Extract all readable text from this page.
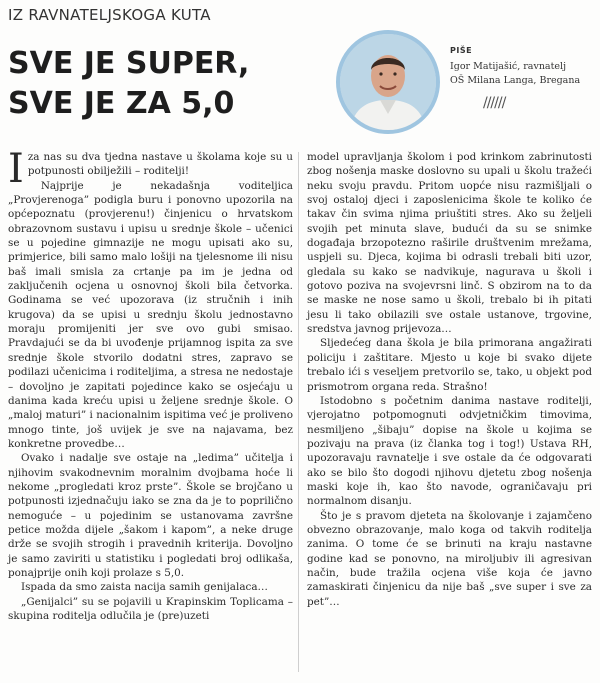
IZ RAVNATELJSKOGA KUTA
SVE JE SUPER,
SVE JE ZA 5,0
PIŠE
Igor Matijašić, ravnatelj
OŠ Milana Langa, Bregana
//////

Iza nas su dva tjedna nastave u školama koje su u potpunosti obilježili – roditelji!

Najprije je nekadašnja voditeljica „Provjerenoga” podigla buru i ponovno upozorila na općepoznatu (provjerenu!) činjenicu o hrvatskom obrazovnom sustavu i upisu u srednje škole – učenici se u pojedine gimnazije ne mogu upisati ako su, primjerice, bili samo malo lošiji na tjelesnome ili nisu baš imali smisla za crtanje pa im je jedna od zaključenih ocjena u osnovnoj školi bila četvorka. Godinama se već upozorava (iz stručnih i inih krugova) da se upisi u srednju školu jednostavno moraju promijeniti jer sve ovo gubi smisao. Pravdajući se da bi uvođenje prijamnog ispita za sve srednje škole stvorilo dodatni stres, zapravo se podilazi učenicima i roditeljima, a stresa ne nedostaje – dovoljno je zapitati pojedince kako se osjećaju u danima kada kreću upisi u željene srednje škole. O „maloj maturi” i nacionalnim ispitima već je proliveno mnogo tinte, još uvijek je sve na najavama, bez konkretne provedbe…

Ovako i nadalje sve ostaje na „ledima” učitelja i njihovim svakodnevnim moralnim dvojbama hoće li nekome „progledati kroz prste”. Škole se brojčano u potpunosti izjednačuju iako se zna da je to poprilično nemoguće – u pojedinim se ustanovama završne petice možda dijele „šakom i kapom”, a neke druge drže se svojih strogih i pravednih kriterija. Dovoljno je samo zaviriti u statistiku i pogledati broj odlikaša, ponajprije onih koji prolaze s 5,0.

Ispada da smo zaista nacija samih genijalaca…

„Genijalci” su se pojavili u Krapinskim Toplicama – skupina roditelja odlučila je (pre)uzeti

model upravljanja školom i pod krinkom zabrinutosti zbog nošenja maske doslovno su upali u školu tražeći neku svoju pravdu. Pritom uopće nisu razmišljali o svoj ostaloj djeci i zaposlenicima škole te koliko će takav čin svima njima priuštiti stres. Ako su željeli svojih pet minuta slave, budući da su se snimke događaja brzopotezno raširile društvenim mrežama, uspjeli su. Djeca, kojima bi odrasli trebali biti uzor, gledala su kako se nadvikuje, nagurava u školi i gotovo poziva na svojevrsni linč. S obzirom na to da se maske ne nose samo u školi, trebalo bi ih pitati jesu li tako obilazili sve ostale ustanove, trgovine, sredstva javnog prijevoza…

Sljedećeg dana škola je bila primorana angažirati policiju i zaštitare. Mjesto u koje bi svako dijete trebalo ići s veseljem pretvorilo se, tako, u objekt pod prismotrom organa reda. Strašno!

Istodobno s početnim danima nastave roditelji, vjerojatno potpomognuti odvjetničkim timovima, nesmiljeno „šibaju” dopise na škole u kojima se pozivaju na prava (iz članka tog i tog!) Ustava RH, upozoravaju ravnatelje i sve ostale da će odgovarati ako se bilo što dogodi njihovu djetetu zbog nošenja maski koje ih, kao što navode, ograničavaju pri normalnom disanju.

Što je s pravom djeteta na školovanje i zajamčeno obvezno obrazovanje, malo koga od takvih roditelja zanima. O tome će se brinuti na kraju nastavne godine kad se ponovno, na miroljubiv ili agresivan način, bude tražila ocjena više koja će javno zamaskirati činjenicu da nije baš „sve super i sve za pet”…
